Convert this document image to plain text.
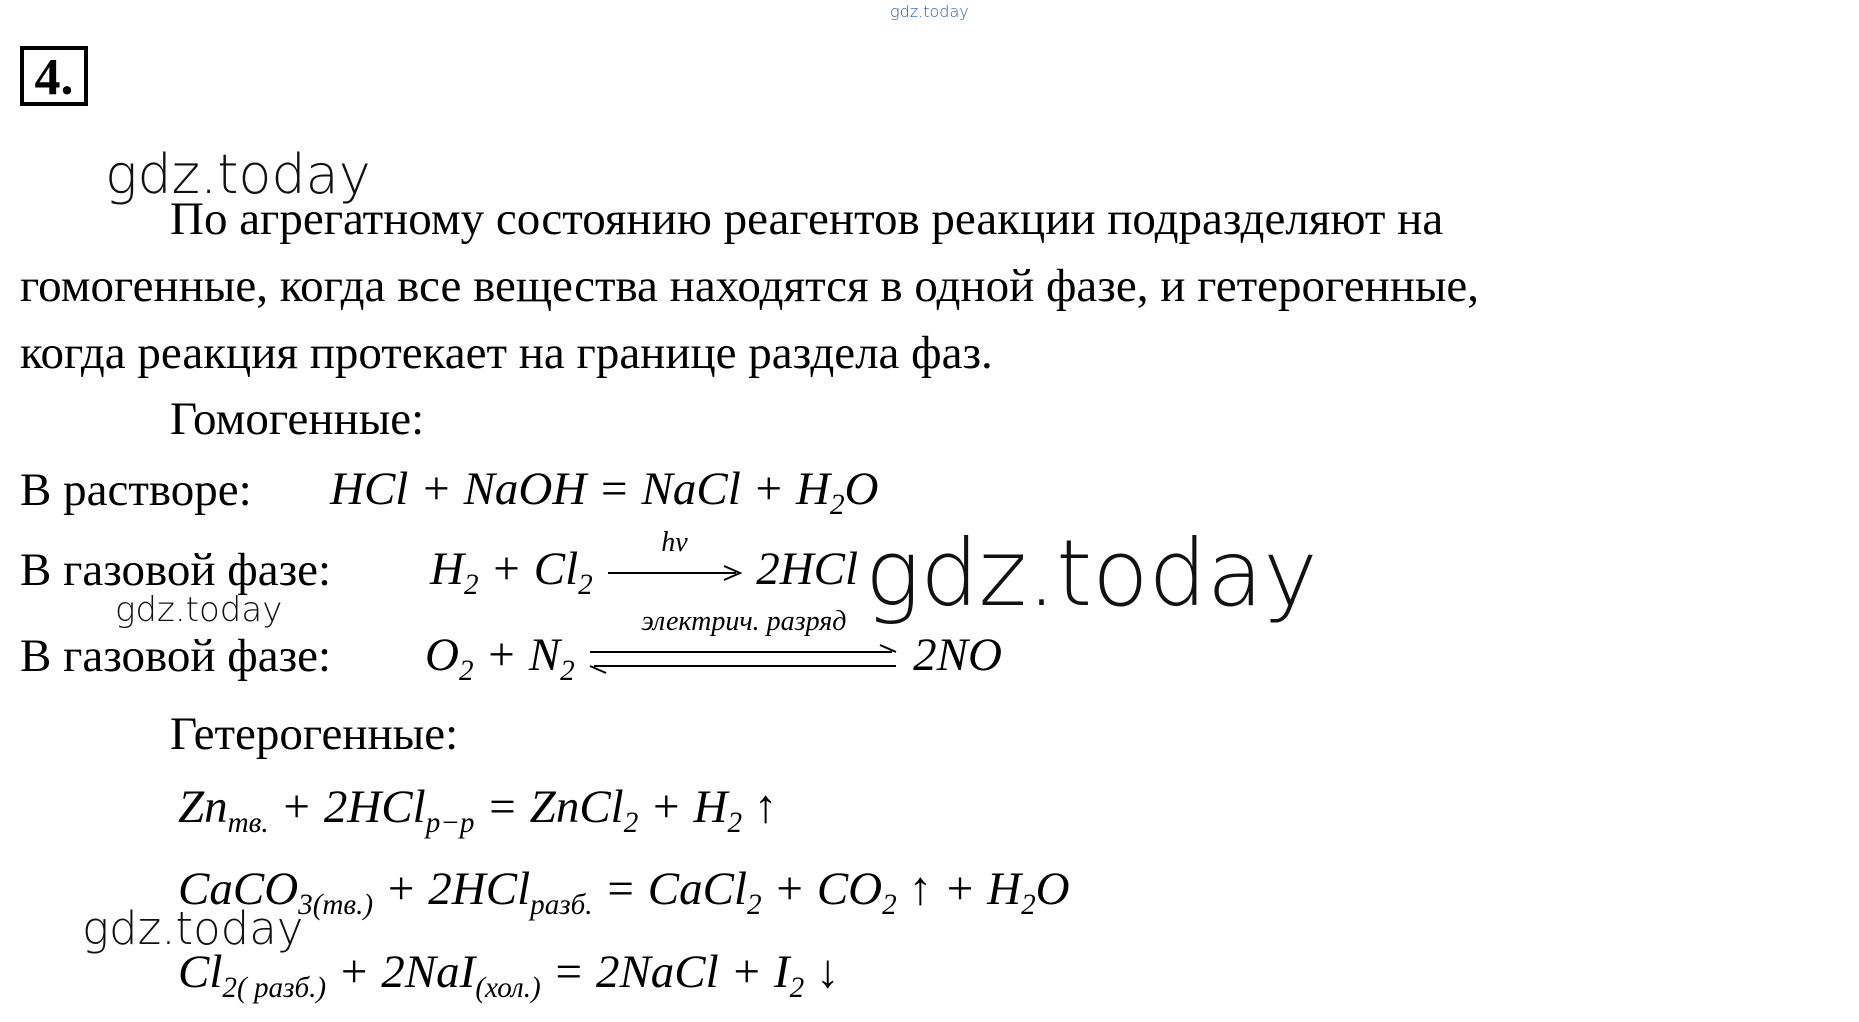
gdz.today
gdz.today
gdz.today
gdz.today
gdz.today
4.
По агрегатному состоянию реагентов реакции подразделяют на
гомогенные, когда все вещества находятся в одной фазе, и гетерогенные,
когда реакция протекает на границе раздела фаз.
Гомогенные:
В растворе: HCl + NaOH = NaCl + $H_2O$
В газовой фазе: $H_2 + Cl_2$
hv
2HCl
В газовой фазе: $O_2 + N_2$
электрич. разряд
2NO
Гетерогенные:
$Zn_{тв.} + 2HCl_{р-р}$ = ZnCl$_2$ + $H_2$ ↑
CaCO$_{3(тв.)}$ + 2HCl$_{разб.}$ = CaCl$_2$ + $CO_2$ ↑ + $H_2O$
$Cl_{2( разб.)} + 2NaI_{(хол.)}$ = 2NaCl + $I_2$ ↓
